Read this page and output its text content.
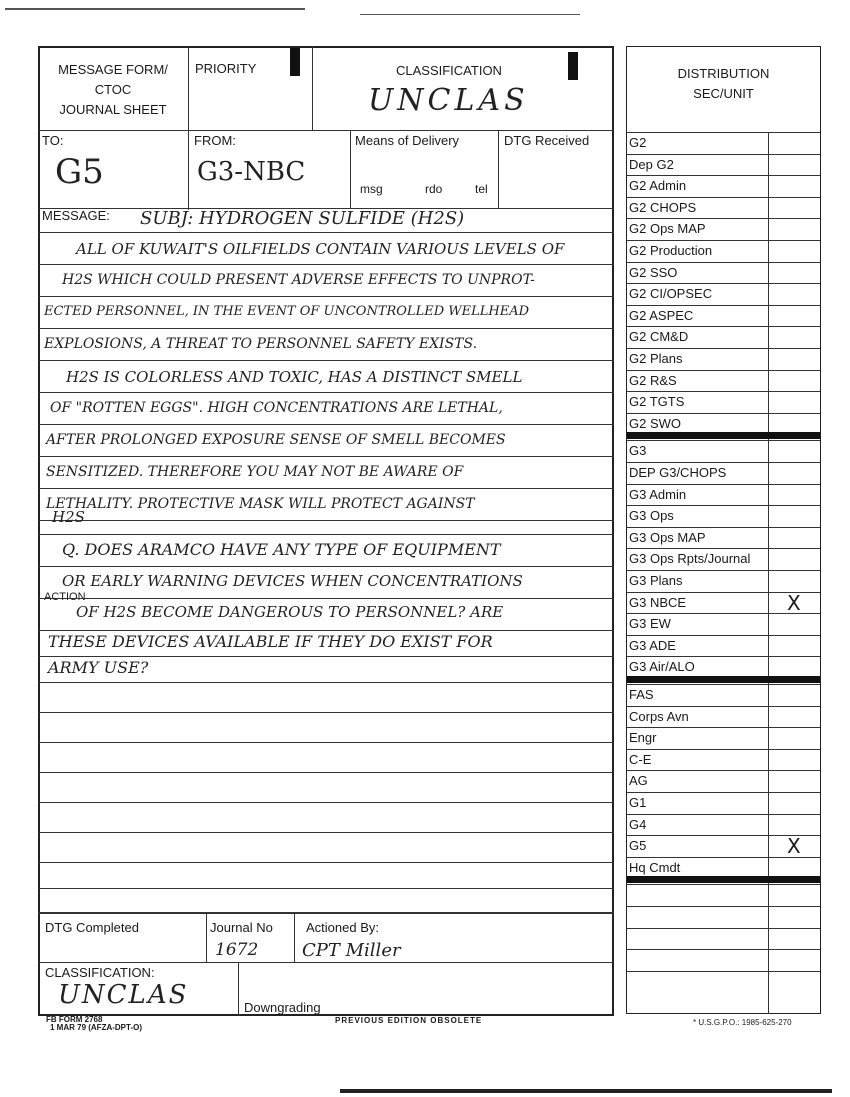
MESSAGE FORM/
CTOC
JOURNAL SHEET
PRIORITY	CLASSIFICATION
UNCLAS
TO:
G5
FROM:
G3-NBC
Means of Delivery
msg	rdo	tel
DTG Received
MESSAGE:
ACTION
SUBJ: HYDROGEN SULFIDE (H2S)
ALL OF KUWAIT'S OILFIELDS CONTAIN VARIOUS LEVELS OF
H2S WHICH COULD PRESENT ADVERSE EFFECTS TO UNPROT-
ECTED PERSONNEL, IN THE EVENT OF UNCONTROLLED WELLHEAD
EXPLOSIONS, A THREAT TO PERSONNEL SAFETY EXISTS.
H2S IS COLORLESS AND TOXIC, HAS A DISTINCT SMELL
OF "ROTTEN EGGS". HIGH CONCENTRATIONS ARE LETHAL,
AFTER PROLONGED EXPOSURE SENSE OF SMELL BECOMES
SENSITIZED. THEREFORE YOU MAY NOT BE AWARE OF
LETHALITY. PROTECTIVE MASK WILL PROTECT AGAINST
H2S
Q. DOES ARAMCO HAVE ANY TYPE OF EQUIPMENT
OR EARLY WARNING DEVICES WHEN CONCENTRATIONS
OF H2S BECOME DANGEROUS TO PERSONNEL? ARE
THESE DEVICES AVAILABLE IF THEY DO EXIST FOR
ARMY USE?
DTG Completed	Journal No
1672
Actioned By:
CPT Miller
CLASSIFICATION:
UNCLAS	Downgrading
FB FORM 2768
1 MAR 79 (AFZA-DPT-O)
PREVIOUS EDITION OBSOLETE	* U.S.G.P.O.: 1985-625-270
DISTRIBUTION
SEC/UNIT
G2
Dep G2
G2 Admin
G2 CHOPS
G2 Ops MAP
G2 Production
G2 SSO
G2 CI/OPSEC
G2 ASPEC
G2 CM&D
G2 Plans
G2 R&S
G2 TGTS
G2 SWO
G3
DEP G3/CHOPS
G3 Admin
G3 Ops
G3 Ops MAP
G3 Ops Rpts/Journal
G3 Plans
G3 NBCE	X
G3 EW
G3 ADE
G3 Air/ALO
FAS
Corps Avn
Engr
C-E
AG
G1
G4
G5	X
Hq Cmdt
